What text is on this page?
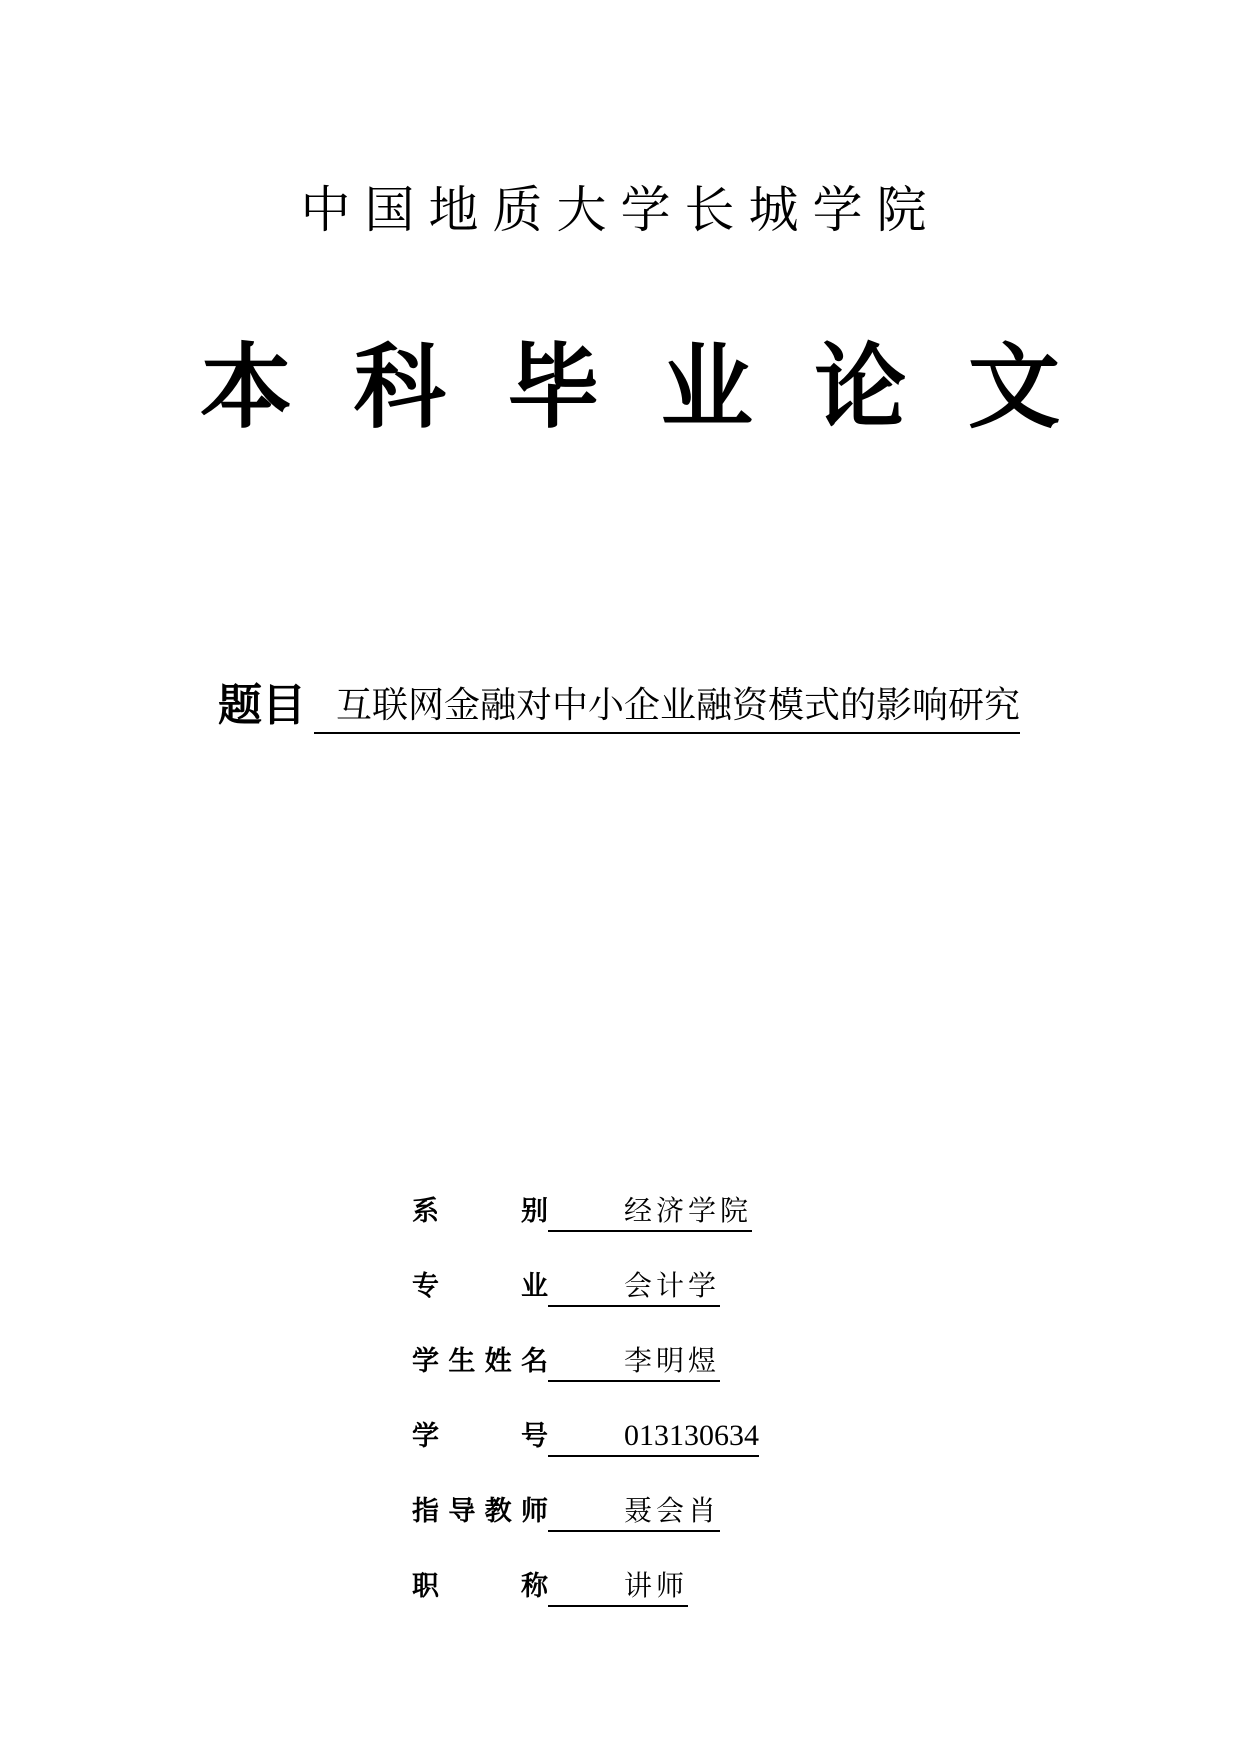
中国地质大学长城学院
本 科 毕 业 论 文
题目 互联网金融对中小企业融资模式的影响研究
系	别	经济学院
专	业	会计学
学 生 姓 名	李明煜
学	号	013130634
指 导 教 师	聂会肖
职	称	讲师
